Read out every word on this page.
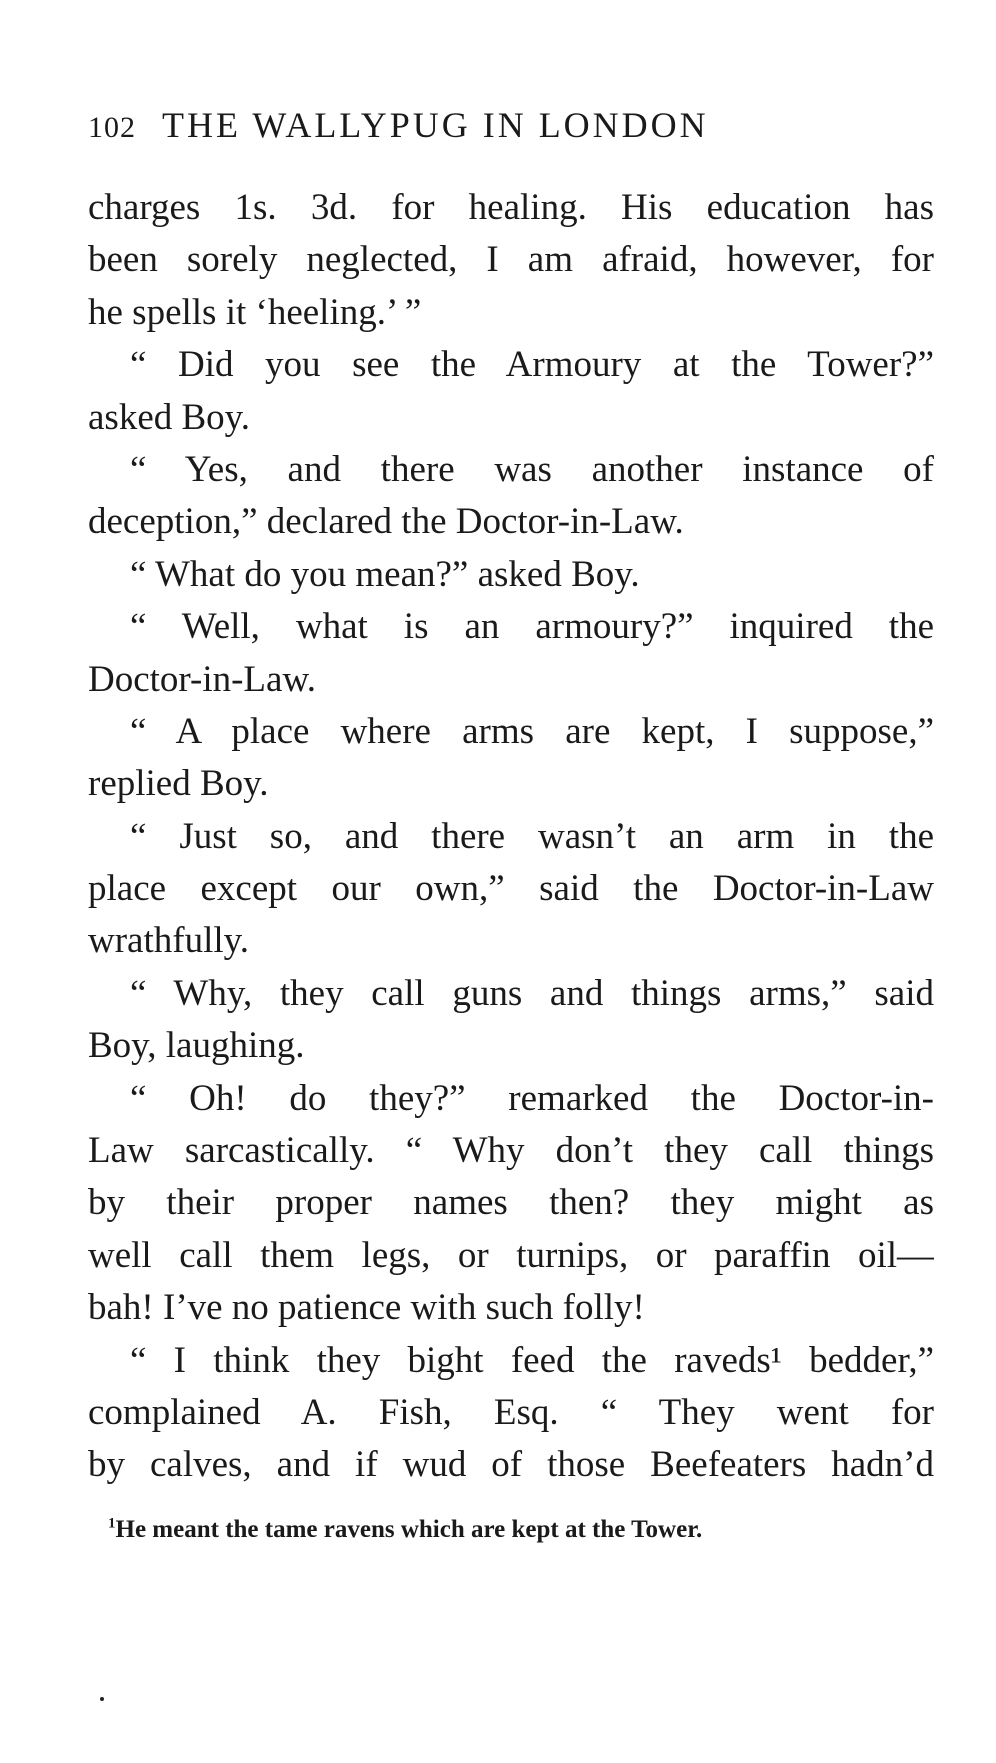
102 THE WALLYPUG IN LONDON
charges 1s. 3d. for healing. His education has
been sorely neglected, I am afraid, however, for
he spells it ‘heeling.’ ”
“ Did you see the Armoury at the Tower?”
asked Boy.
“ Yes, and there was another instance of
deception,” declared the Doctor-in-Law.
“ What do you mean?” asked Boy.
“ Well, what is an armoury?” inquired the
Doctor-in-Law.
“ A place where arms are kept, I suppose,”
replied Boy.
“ Just so, and there wasn’t an arm in the
place except our own,” said the Doctor-in-Law
wrathfully.
“ Why, they call guns and things arms,” said
Boy, laughing.
“ Oh! do they?” remarked the Doctor-in-
Law sarcastically. “ Why don’t they call things
by their proper names then? they might as
well call them legs, or turnips, or paraffin oil—
bah! I’ve no patience with such folly!
“ I think they bight feed the raveds¹ bedder,”
complained A. Fish, Esq. “ They went for
by calves, and if wud of those Beefeaters hadn’d
$^1$He meant the tame ravens which are kept at the Tower.
